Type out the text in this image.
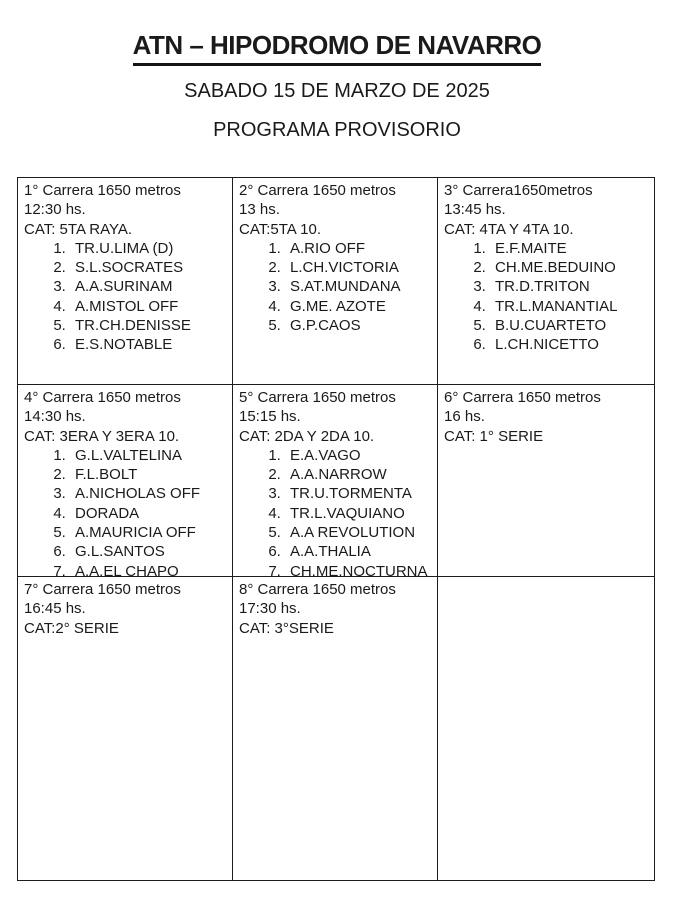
ATN – HIPODROMO DE NAVARRO
SABADO 15 DE MARZO DE 2025
PROGRAMA PROVISORIO
1° Carrera 1650 metros
12:30 hs.
CAT: 5TA RAYA.
1. TR.U.LIMA (D)
2. S.L.SOCRATES
3. A.A.SURINAM
4. A.MISTOL OFF
5. TR.CH.DENISSE
6. E.S.NOTABLE
2° Carrera 1650 metros
13 hs.
CAT:5TA 10.
1. A.RIO OFF
2. L.CH.VICTORIA
3. S.AT.MUNDANA
4. G.ME. AZOTE
5. G.P.CAOS
3° Carrera1650metros
13:45 hs.
CAT: 4TA Y 4TA 10.
1. E.F.MAITE
2. CH.ME.BEDUINO
3. TR.D.TRITON
4. TR.L.MANANTIAL
5. B.U.CUARTETO
6. L.CH.NICETTO
4° Carrera 1650 metros
14:30 hs.
CAT: 3ERA Y 3ERA 10.
1. G.L.VALTELINA
2. F.L.BOLT
3. A.NICHOLAS OFF
4. DORADA
5. A.MAURICIA OFF
6. G.L.SANTOS
7. A.A.EL CHAPO
5° Carrera 1650 metros
15:15 hs.
CAT: 2DA Y 2DA 10.
1. E.A.VAGO
2. A.A.NARROW
3. TR.U.TORMENTA
4. TR.L.VAQUIANO
5. A.A REVOLUTION
6. A.A.THALIA
7. CH.ME.NOCTURNA
6° Carrera 1650 metros
16 hs.
CAT: 1° SERIE
7° Carrera 1650 metros
16:45 hs.
CAT:2° SERIE
8° Carrera 1650 metros
17:30 hs.
CAT: 3°SERIE
